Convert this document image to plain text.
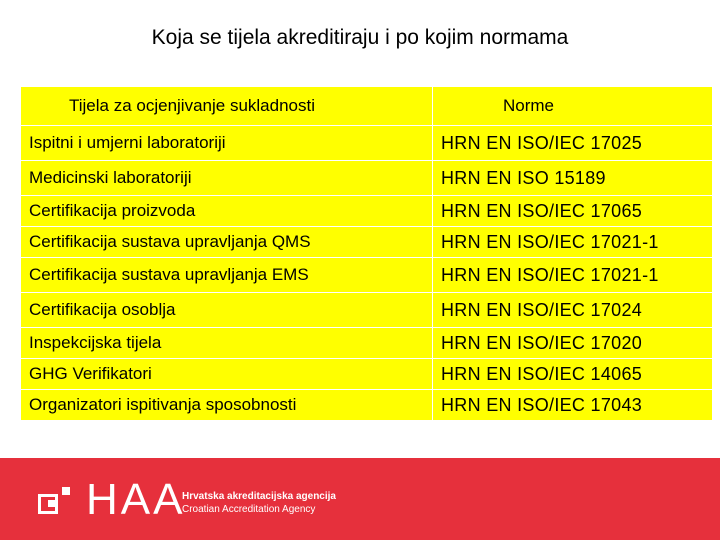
Koja se tijela akreditiraju i po kojim normama
Tijela za ocjenjivanje sukladnosti	Norme
Ispitni i umjerni laboratoriji	HRN EN ISO/IEC 17025
Medicinski laboratoriji	HRN EN ISO 15189
Certifikacija proizvoda	HRN EN ISO/IEC 17065
Certifikacija sustava upravljanja QMS	HRN EN ISO/IEC 17021-1
Certifikacija sustava upravljanja EMS	HRN EN ISO/IEC 17021-1
Certifikacija osoblja	HRN EN ISO/IEC 17024
Inspekcijska tijela	HRN EN ISO/IEC 17020
GHG Verifikatori	HRN EN ISO/IEC 14065
Organizatori ispitivanja sposobnosti	HRN EN ISO/IEC 17043
HAA
Hrvatska akreditacijska agencija
Croatian Accreditation Agency
